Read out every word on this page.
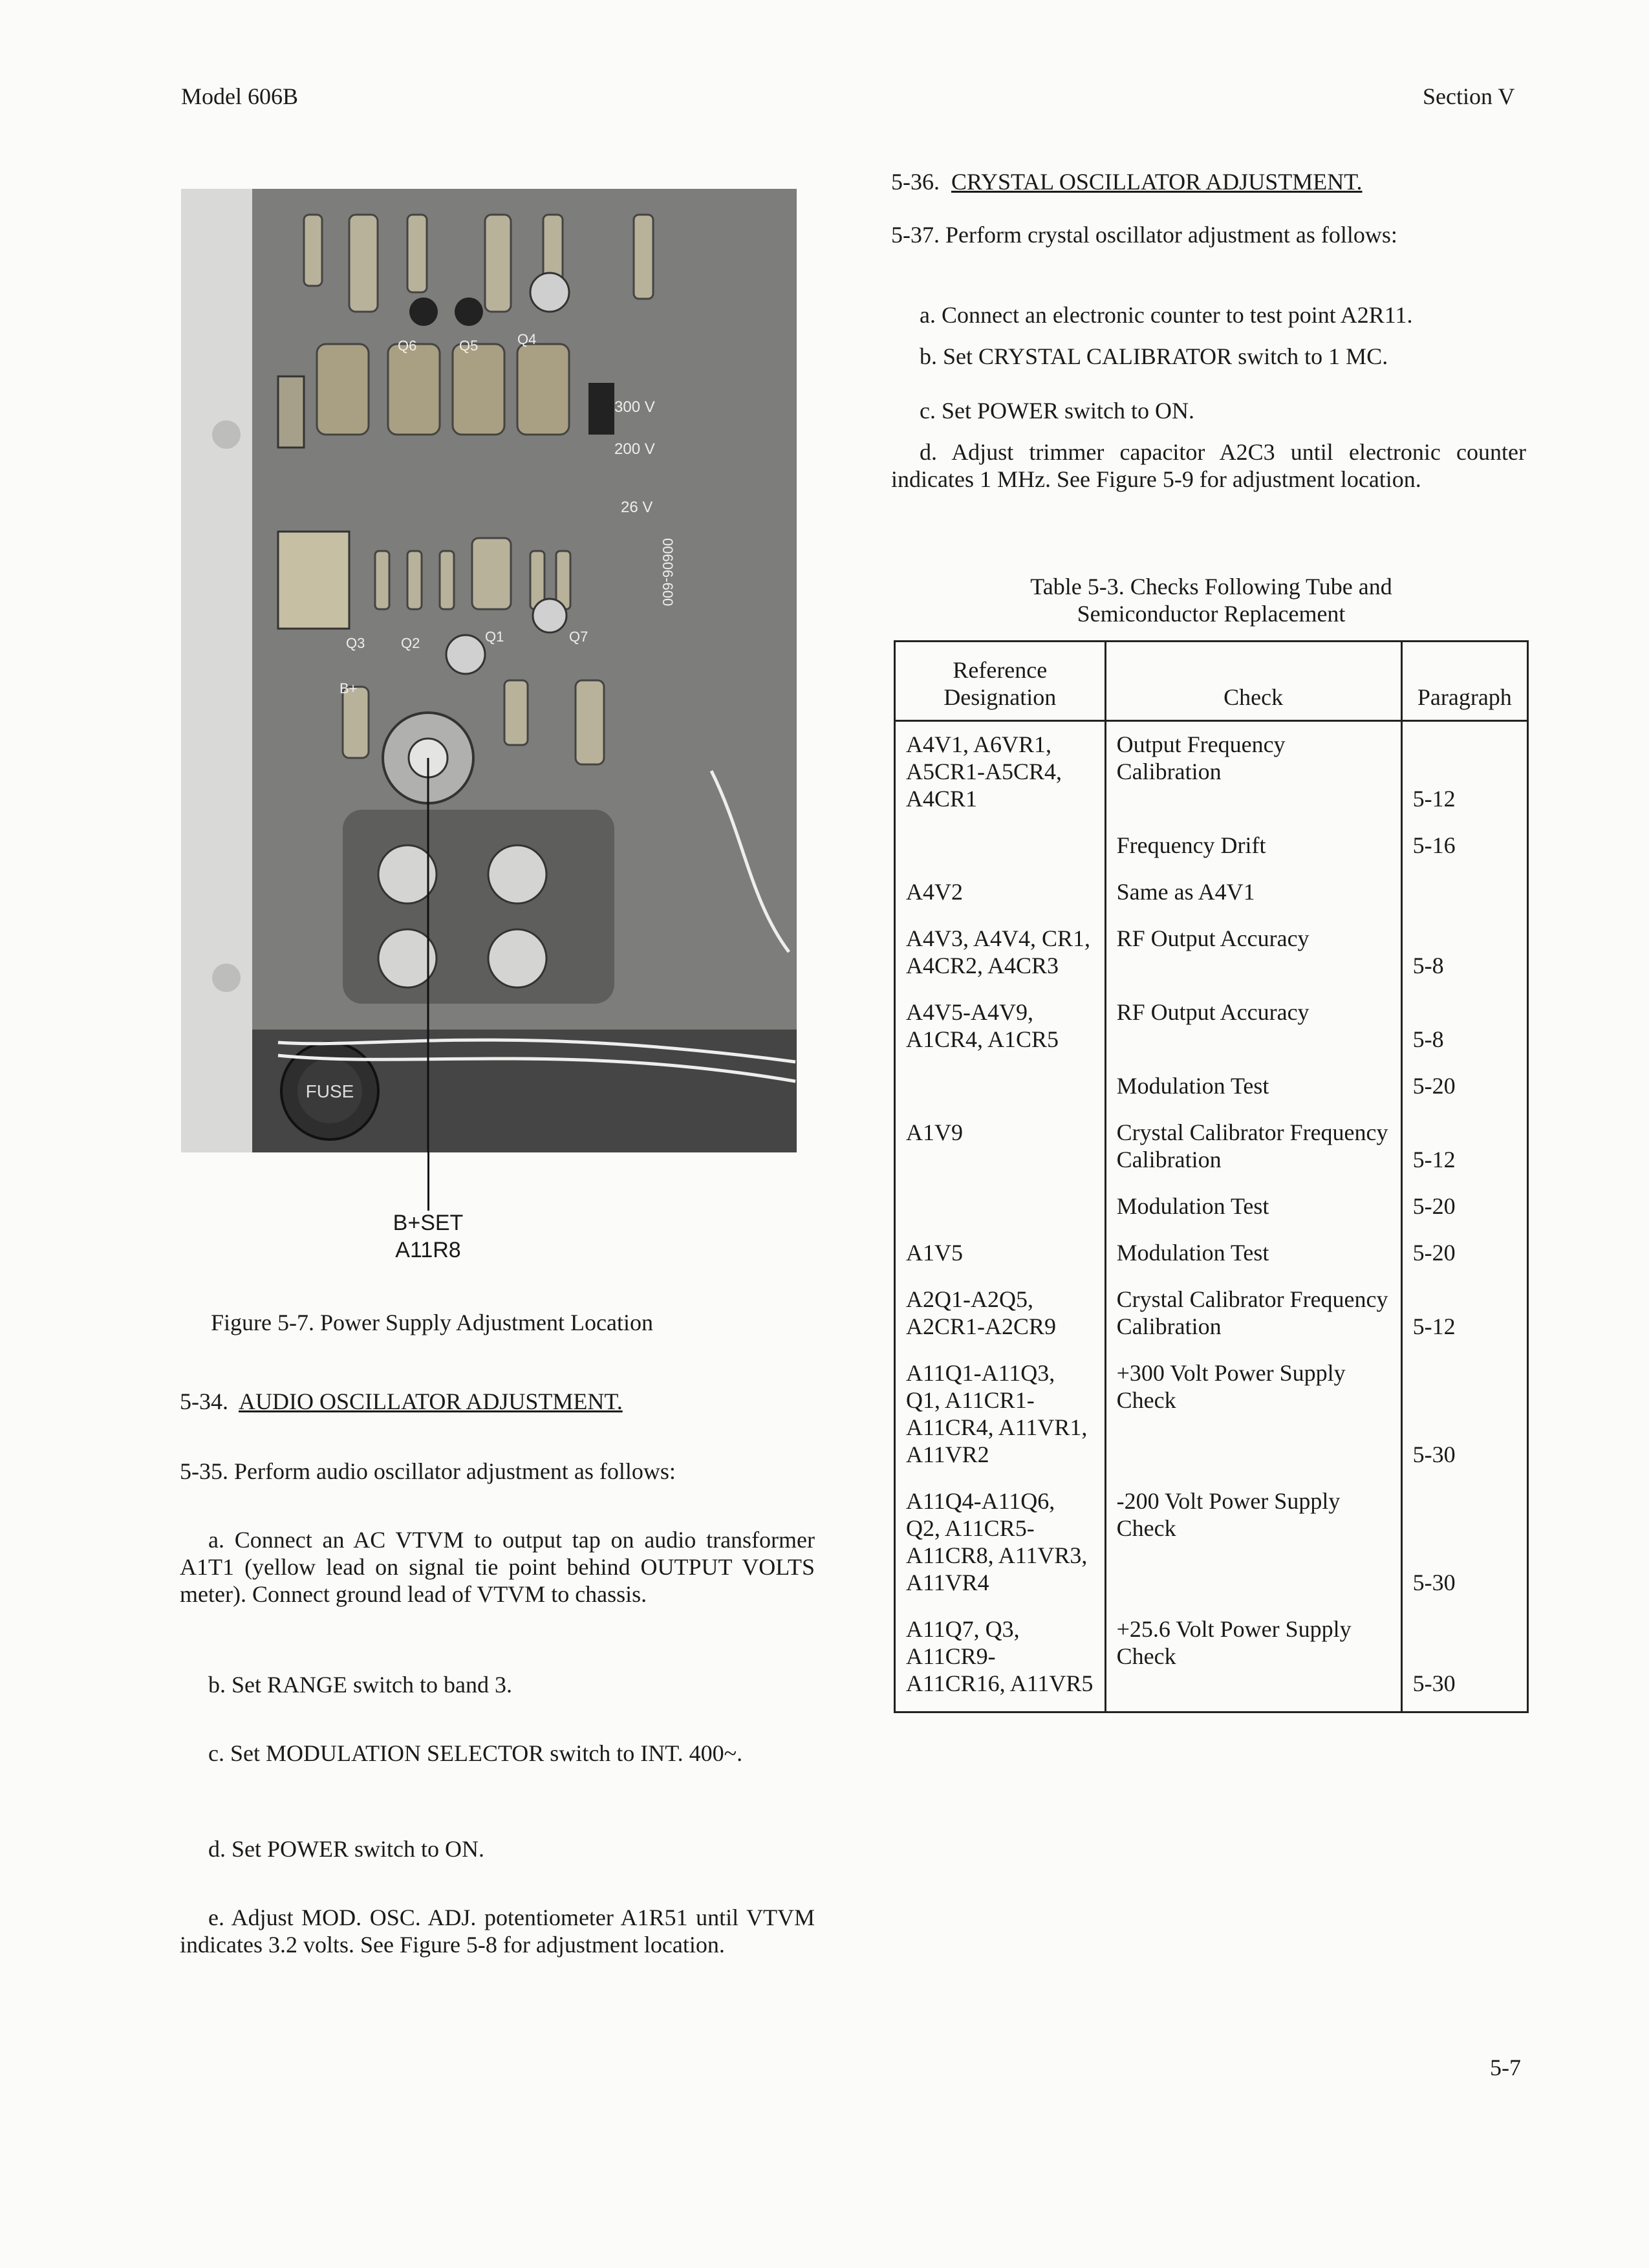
Model 606B	Section V
FUSE
300 V
200 V
26 V
Q6	Q5	Q4
Q3	Q2	Q1	Q7
B+
00606-600
B+SET
A11R8
Figure 5-7. Power Supply Adjustment Location
5-34. AUDIO OSCILLATOR ADJUSTMENT.
5-35. Perform audio oscillator adjustment as follows:
a. Connect an AC VTVM to output tap on audio transformer A1T1 (yellow lead on signal tie point behind OUTPUT VOLTS meter). Connect ground lead of VTVM to chassis.
b. Set RANGE switch to band 3.
c. Set MODULATION SELECTOR switch to INT. 400~.
d. Set POWER switch to ON.
e. Adjust MOD. OSC. ADJ. potentiometer A1R51 until VTVM indicates 3.2 volts. See Figure 5-8 for adjustment location.
5-36. CRYSTAL OSCILLATOR ADJUSTMENT.
5-37. Perform crystal oscillator adjustment as follows:
a. Connect an electronic counter to test point A2R11.
b. Set CRYSTAL CALIBRATOR switch to 1 MC.
c. Set POWER switch to ON.
d. Adjust trimmer capacitor A2C3 until electronic counter indicates 1 MHz. See Figure 5-9 for adjustment location.
Table 5-3. Checks Following Tube and
Semiconductor Replacement
Reference
Designation	Check	Paragraph
A4V1, A6VR1, A5CR1-A5CR4, A4CR1	Output Frequency Calibration	5-12
	Frequency Drift	5-16
A4V2	Same as A4V1	
A4V3, A4V4, CR1, A4CR2, A4CR3	RF Output Accuracy	5-8
A4V5-A4V9, A1CR4, A1CR5	RF Output Accuracy	5-8
	Modulation Test	5-20
A1V9	Crystal Calibrator Frequency Calibration	5-12
	Modulation Test	5-20
A1V5	Modulation Test	5-20
A2Q1-A2Q5, A2CR1-A2CR9	Crystal Calibrator Frequency Calibration	5-12
A11Q1-A11Q3, Q1, A11CR1-A11CR4, A11VR1, A11VR2	+300 Volt Power Supply Check	5-30
A11Q4-A11Q6, Q2, A11CR5-A11CR8, A11VR3, A11VR4	-200 Volt Power Supply Check	5-30
A11Q7, Q3, A11CR9-A11CR16, A11VR5	+25.6 Volt Power Supply Check	5-30
5-7
